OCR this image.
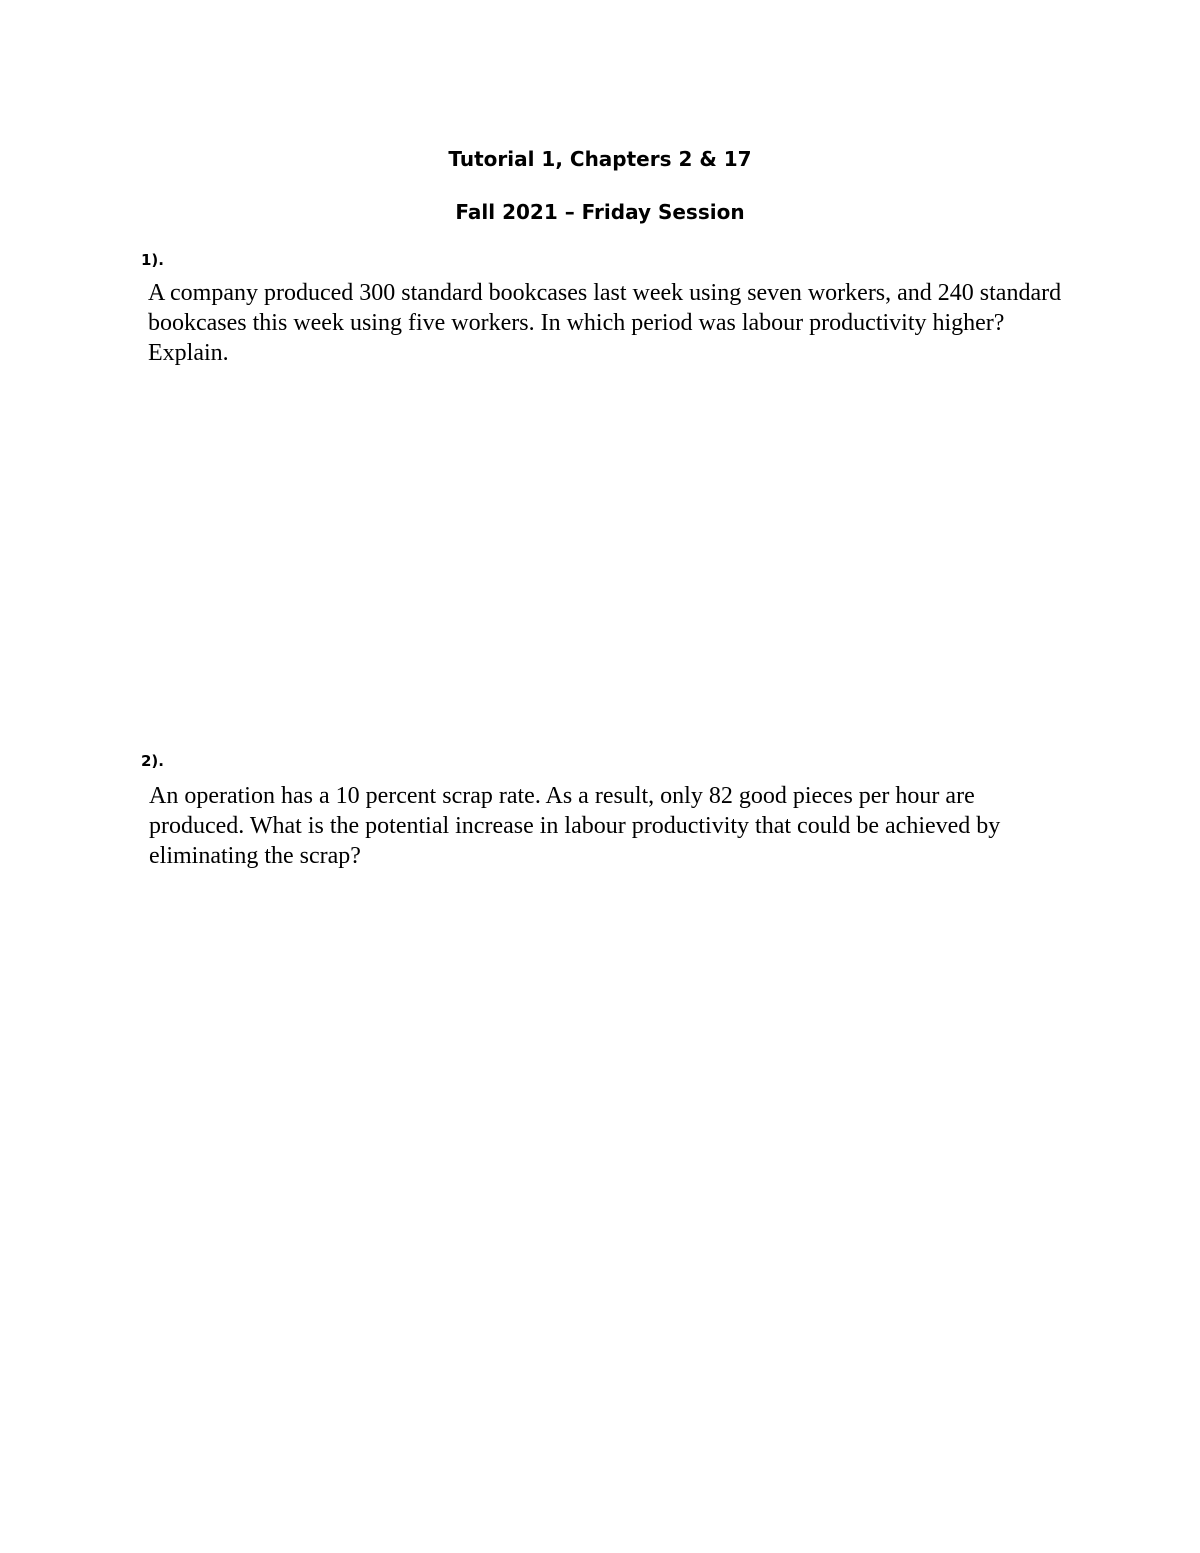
Tutorial 1, Chapters 2 & 17
Fall 2021 – Friday Session
1).

A company produced 300 standard bookcases last week using seven workers, and 240 standard bookcases this week using five workers. In which period was labour productivity higher? Explain.

2).

An operation has a 10 percent scrap rate. As a result, only 82 good pieces per hour are produced. What is the potential increase in labour productivity that could be achieved by eliminating the scrap?
